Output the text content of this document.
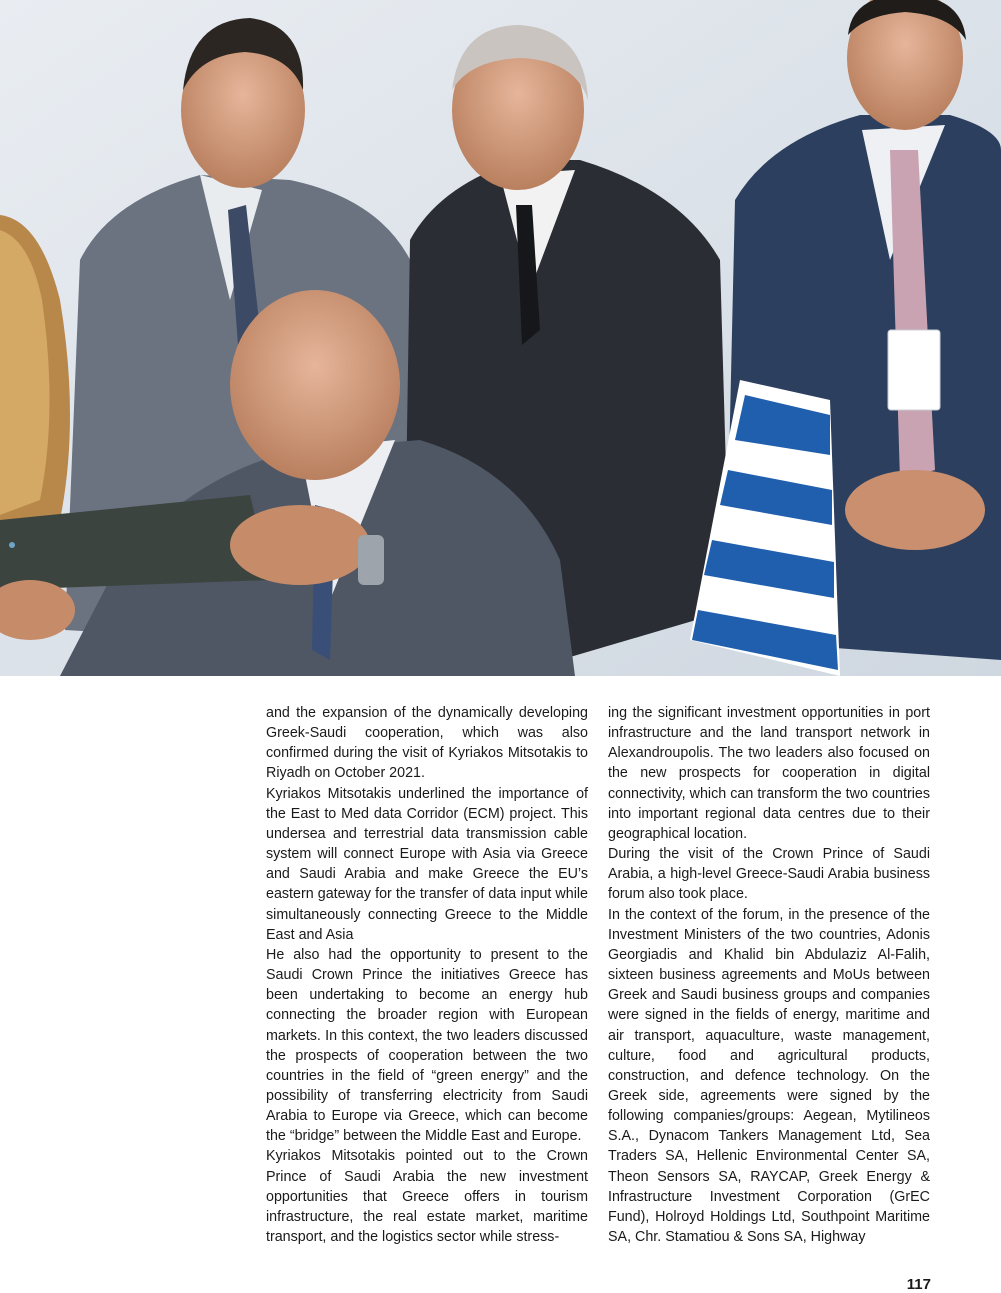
and the expansion of the dynamically developing Greek-Saudi cooperation, which was also confirmed during the visit of Kyriakos Mitsotakis to Riyadh on October 2021.

Kyriakos Mitsotakis underlined the importance of the East to Med data Corridor (ECM) project. This undersea and terrestrial data transmission cable system will connect Europe with Asia via Greece and Saudi Arabia and make Greece the EU’s eastern gateway for the transfer of data input while simultaneously connecting Greece to the Middle East and Asia

He also had the opportunity to present to the Saudi Crown Prince the initiatives Greece has been undertaking to become an energy hub connecting the broader region with European markets. In this context, the two leaders discussed the prospects of cooperation between the two countries in the field of “green energy” and the possibility of transferring electricity from Saudi Arabia to Europe via Greece, which can become the “bridge” between the Middle East and Europe.

Kyriakos Mitsotakis pointed out to the Crown Prince of Saudi Arabia the new investment opportunities that Greece offers in tourism infrastructure, the real estate market, maritime transport, and the logistics sector while stress-

ing the significant investment opportunities in port infrastructure and the land transport network in Alexandroupolis. The two leaders also focused on the new prospects for cooperation in digital connectivity, which can transform the two countries into important regional data centres due to their geographical location.

During the visit of the Crown Prince of Saudi Arabia, a high-level Greece-Saudi Arabia business forum also took place.

In the context of the forum, in the presence of the Investment Ministers of the two countries, Adonis Georgiadis and Khalid bin Abdulaziz Al-Falih, sixteen business agreements and MoUs between Greek and Saudi business groups and companies were signed in the fields of energy, maritime and air transport, aquaculture, waste management, culture, food and agricultural products, construction, and defence technology. On the Greek side, agreements were signed by the following companies/groups: Aegean, Mytilineos S.A., Dynacom Tankers Management Ltd, Sea Traders SA, Hellenic Environmental Center SA, Theon Sensors SA, RAYCAP, Greek Energy & Infrastructure Investment Corporation (GrEC Fund), Holroyd Holdings Ltd, Southpoint Maritime SA, Chr. Stamatiou & Sons SA, Highway

117
